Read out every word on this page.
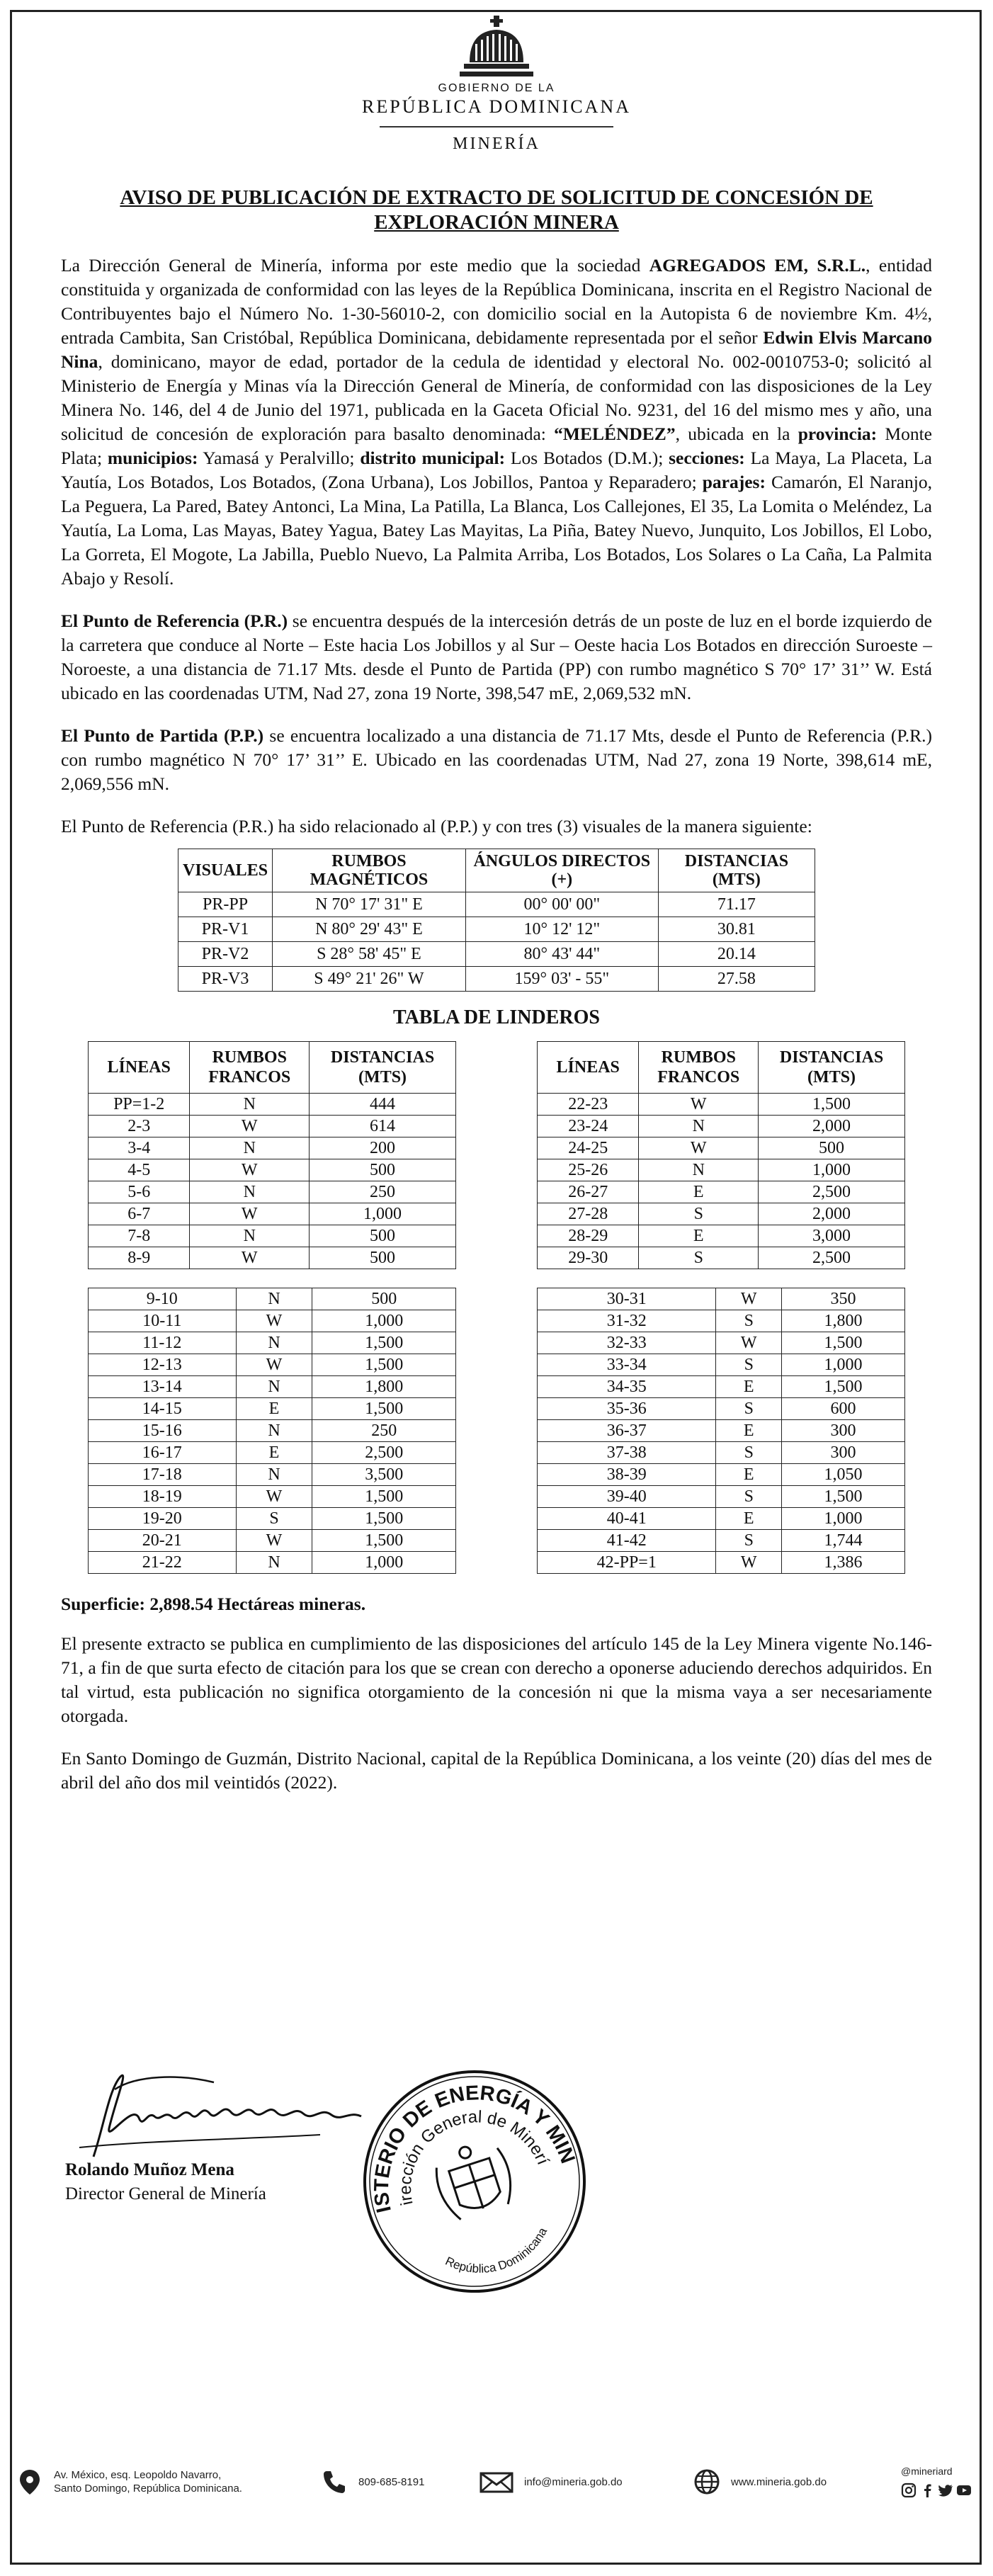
GOBIERNO DE LA
REPÚBLICA DOMINICANA
MINERÍA
AVISO DE PUBLICACIÓN DE EXTRACTO DE SOLICITUD DE CONCESIÓN DE EXPLORACIÓN MINERA

La Dirección General de Minería, informa por este medio que la sociedad AGREGADOS EM, S.R.L., entidad constituida y organizada de conformidad con las leyes de la República Dominicana, inscrita en el Registro Nacional de Contribuyentes bajo el Número No. 1-30-56010-2, con domicilio social en la Autopista 6 de noviembre Km. 4½, entrada Cambita, San Cristóbal, República Dominicana, debidamente representada por el señor Edwin Elvis Marcano Nina, dominicano, mayor de edad, portador de la cedula de identidad y electoral No. 002-0010753-0; solicitó al Ministerio de Energía y Minas vía la Dirección General de Minería, de conformidad con las disposiciones de la Ley Minera No. 146, del 4 de Junio del 1971, publicada en la Gaceta Oficial No. 9231, del 16 del mismo mes y año, una solicitud de concesión de exploración para basalto denominada: “MELÉNDEZ”, ubicada en la provincia: Monte Plata; municipios: Yamasá y Peralvillo; distrito municipal: Los Botados (D.M.); secciones: La Maya, La Placeta, La Yautía, Los Botados, Los Botados, (Zona Urbana), Los Jobillos, Pantoa y Reparadero; parajes: Camarón, El Naranjo, La Peguera, La Pared, Batey Antonci, La Mina, La Patilla, La Blanca, Los Callejones, El 35, La Lomita o Meléndez, La Yautía, La Loma, Las Mayas, Batey Yagua, Batey Las Mayitas, La Piña, Batey Nuevo, Junquito, Los Jobillos, El Lobo, La Gorreta, El Mogote, La Jabilla, Pueblo Nuevo, La Palmita Arriba, Los Botados, Los Solares o La Caña, La Palmita Abajo y Resolí.

El Punto de Referencia (P.R.) se encuentra después de la intercesión detrás de un poste de luz en el borde izquierdo de la carretera que conduce al Norte – Este hacia Los Jobillos y al Sur – Oeste hacia Los Botados en dirección Suroeste – Noroeste, a una distancia de 71.17 Mts. desde el Punto de Partida (PP) con rumbo magnético S 70° 17’ 31’’ W. Está ubicado en las coordenadas UTM, Nad 27, zona 19 Norte, 398,547 mE, 2,069,532 mN.

El Punto de Partida (P.P.) se encuentra localizado a una distancia de 71.17 Mts, desde el Punto de Referencia (P.R.) con rumbo magnético N 70° 17’ 31’’ E. Ubicado en las coordenadas UTM, Nad 27, zona 19 Norte, 398,614 mE, 2,069,556 mN.

El Punto de Referencia (P.R.) ha sido relacionado al (P.P.) y con tres (3) visuales de la manera siguiente:

VISUALES	RUMBOS MAGNÉTICOS	ÁNGULOS DIRECTOS (+)	DISTANCIAS (MTS)
PR-PP	N 70° 17' 31" E	00° 00' 00"	71.17
PR-V1	N 80° 29' 43" E	10° 12' 12"	30.81
PR-V2	S 28° 58' 45" E	80° 43' 44"	20.14
PR-V3	S 49° 21' 26" W	159° 03' - 55"	27.58
TABLA DE LINDEROS
LÍNEAS	RUMBOS FRANCOS	DISTANCIAS (MTS)
PP=1-2	N	444
2-3	W	614
3-4	N	200
4-5	W	500
5-6	N	250
6-7	W	1,000
7-8	N	500
8-9	W	500
LÍNEAS	RUMBOS FRANCOS	DISTANCIAS (MTS)
22-23	W	1,500
23-24	N	2,000
24-25	W	500
25-26	N	1,000
26-27	E	2,500
27-28	S	2,000
28-29	E	3,000
29-30	S	2,500
9-10	N	500
10-11	W	1,000
11-12	N	1,500
12-13	W	1,500
13-14	N	1,800
14-15	E	1,500
15-16	N	250
16-17	E	2,500
17-18	N	3,500
18-19	W	1,500
19-20	S	1,500
20-21	W	1,500
21-22	N	1,000
30-31	W	350
31-32	S	1,800
32-33	W	1,500
33-34	S	1,000
34-35	E	1,500
35-36	S	600
36-37	E	300
37-38	S	300
38-39	E	1,050
39-40	S	1,500
40-41	E	1,000
41-42	S	1,744
42-PP=1	W	1,386

Superficie: 2,898.54 Hectáreas mineras.

El presente extracto se publica en cumplimiento de las disposiciones del artículo 145 de la Ley Minera vigente No.146-71, a fin de que surta efecto de citación para los que se crean con derecho a oponerse aduciendo derechos adquiridos. En tal virtud, esta publicación no significa otorgamiento de la concesión ni que la misma vaya a ser necesariamente otorgada.

En Santo Domingo de Guzmán, Distrito Nacional, capital de la República Dominicana, a los veinte (20) días del mes de abril del año dos mil veintidós (2022).

Rolando Muñoz Mena
Director General de Minería
MINISTERIO DE ENERGÍA Y MINAS
Dirección General de Minería
República Dominicana
Av. México, esq. Leopoldo Navarro,
Santo Domingo, República Dominicana.
809-685-8191	info@mineria.gob.do	www.mineria.gob.do
@mineriard
